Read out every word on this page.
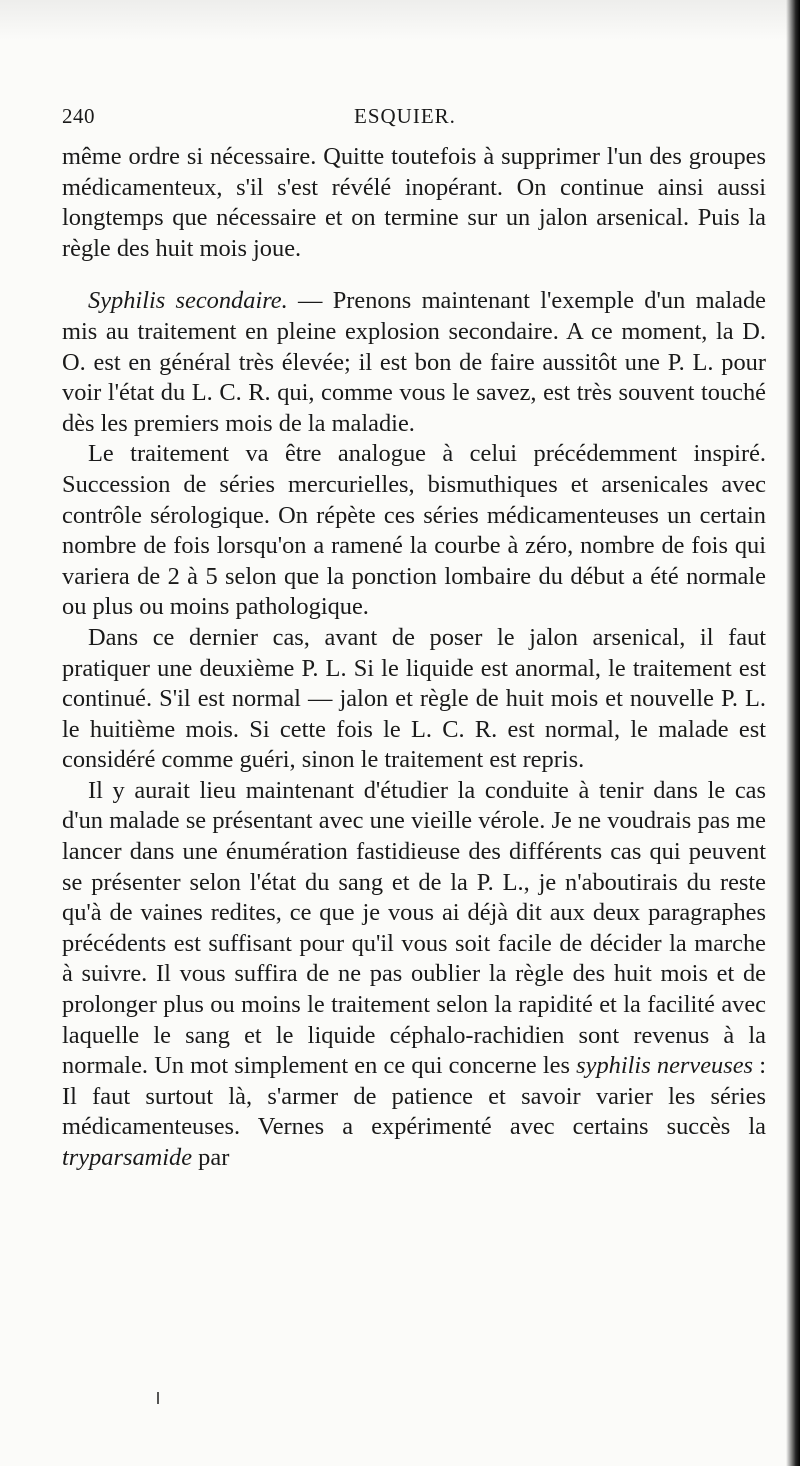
240	ESQUIER.

même ordre si nécessaire. Quitte toutefois à supprimer l'un des groupes médicamenteux, s'il s'est révélé inopérant. On continue ainsi aussi longtemps que nécessaire et on termine sur un jalon arsenical. Puis la règle des huit mois joue.

Syphilis secondaire. — Prenons maintenant l'exemple d'un malade mis au traitement en pleine explosion secondaire. A ce moment, la D. O. est en général très élevée; il est bon de faire aussitôt une P. L. pour voir l'état du L. C. R. qui, comme vous le savez, est très souvent touché dès les premiers mois de la maladie.

Le traitement va être analogue à celui précédemment inspiré. Succession de séries mercurielles, bismuthiques et arsenicales avec contrôle sérologique. On répète ces séries médicamenteuses un certain nombre de fois lorsqu'on a ramené la courbe à zéro, nombre de fois qui variera de 2 à 5 selon que la ponction lombaire du début a été normale ou plus ou moins pathologique.

Dans ce dernier cas, avant de poser le jalon arsenical, il faut pratiquer une deuxième P. L. Si le liquide est anormal, le traitement est continué. S'il est normal — jalon et règle de huit mois et nouvelle P. L. le huitième mois. Si cette fois le L. C. R. est normal, le malade est considéré comme guéri, sinon le traitement est repris.

Il y aurait lieu maintenant d'étudier la conduite à tenir dans le cas d'un malade se présentant avec une vieille vérole. Je ne voudrais pas me lancer dans une énumération fastidieuse des différents cas qui peuvent se présenter selon l'état du sang et de la P. L., je n'aboutirais du reste qu'à de vaines redites, ce que je vous ai déjà dit aux deux paragraphes précédents est suffisant pour qu'il vous soit facile de décider la marche à suivre. Il vous suffira de ne pas oublier la règle des huit mois et de prolonger plus ou moins le traitement selon la rapidité et la facilité avec laquelle le sang et le liquide céphalo-rachidien sont revenus à la normale. Un mot simplement en ce qui concerne les syphilis nerveuses : Il faut surtout là, s'armer de patience et savoir varier les séries médicamenteuses. Vernes a expérimenté avec certains succès la tryparsamide par
